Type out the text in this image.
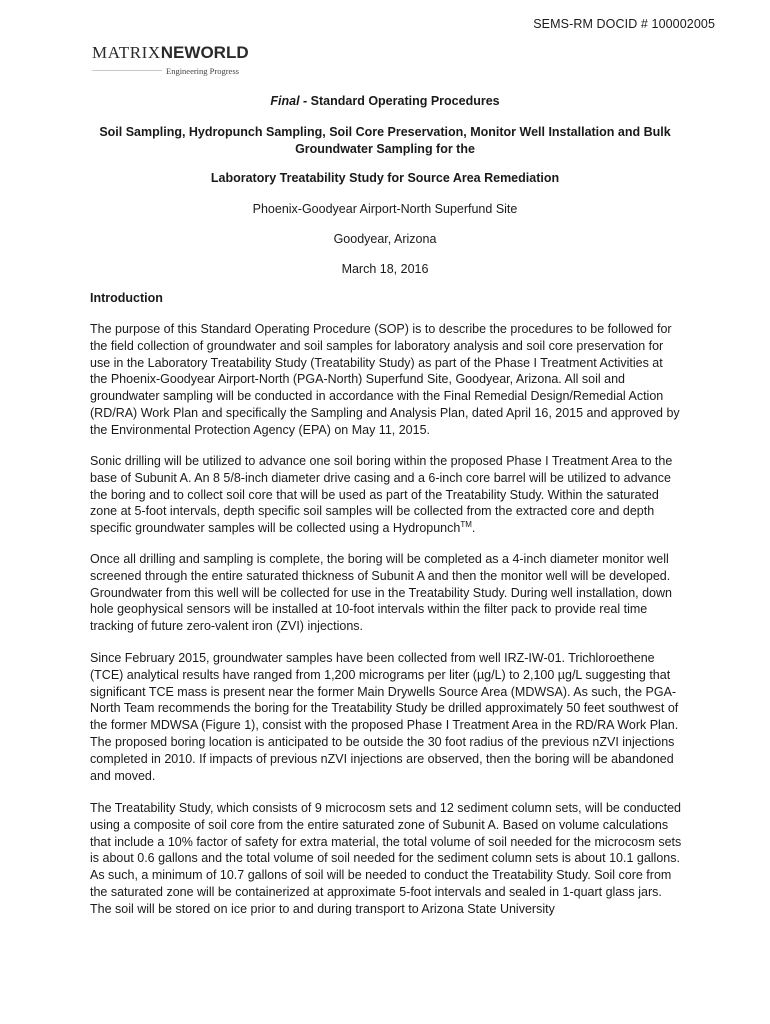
SEMS-RM DOCID # 100002005
MATRIXNEWORLD
Engineering Progress
Final - Standard Operating Procedures
Soil Sampling, Hydropunch Sampling, Soil Core Preservation, Monitor Well Installation and Bulk Groundwater Sampling for the
Laboratory Treatability Study for Source Area Remediation
Phoenix-Goodyear Airport-North Superfund Site
Goodyear, Arizona
March 18, 2016
Introduction
The purpose of this Standard Operating Procedure (SOP) is to describe the procedures to be followed for the field collection of groundwater and soil samples for laboratory analysis and soil core preservation for use in the Laboratory Treatability Study (Treatability Study) as part of the Phase I Treatment Activities at the Phoenix-Goodyear Airport-North (PGA-North) Superfund Site, Goodyear, Arizona. All soil and groundwater sampling will be conducted in accordance with the Final Remedial Design/Remedial Action (RD/RA) Work Plan and specifically the Sampling and Analysis Plan, dated April 16, 2015 and approved by the Environmental Protection Agency (EPA) on May 11, 2015.
Sonic drilling will be utilized to advance one soil boring within the proposed Phase I Treatment Area to the base of Subunit A. An 8 5/8-inch diameter drive casing and a 6-inch core barrel will be utilized to advance the boring and to collect soil core that will be used as part of the Treatability Study. Within the saturated zone at 5-foot intervals, depth specific soil samples will be collected from the extracted core and depth specific groundwater samples will be collected using a Hydropunch™.
Once all drilling and sampling is complete, the boring will be completed as a 4-inch diameter monitor well screened through the entire saturated thickness of Subunit A and then the monitor well will be developed. Groundwater from this well will be collected for use in the Treatability Study. During well installation, down hole geophysical sensors will be installed at 10-foot intervals within the filter pack to provide real time tracking of future zero-valent iron (ZVI) injections.
Since February 2015, groundwater samples have been collected from well IRZ-IW-01. Trichloroethene (TCE) analytical results have ranged from 1,200 micrograms per liter (µg/L) to 2,100 µg/L suggesting that significant TCE mass is present near the former Main Drywells Source Area (MDWSA). As such, the PGA-North Team recommends the boring for the Treatability Study be drilled approximately 50 feet southwest of the former MDWSA (Figure 1), consist with the proposed Phase I Treatment Area in the RD/RA Work Plan. The proposed boring location is anticipated to be outside the 30 foot radius of the previous nZVI injections completed in 2010. If impacts of previous nZVI injections are observed, then the boring will be abandoned and moved.
The Treatability Study, which consists of 9 microcosm sets and 12 sediment column sets, will be conducted using a composite of soil core from the entire saturated zone of Subunit A. Based on volume calculations that include a 10% factor of safety for extra material, the total volume of soil needed for the microcosm sets is about 0.6 gallons and the total volume of soil needed for the sediment column sets is about 10.1 gallons. As such, a minimum of 10.7 gallons of soil will be needed to conduct the Treatability Study. Soil core from the saturated zone will be containerized at approximate 5-foot intervals and sealed in 1-quart glass jars. The soil will be stored on ice prior to and during transport to Arizona State University
